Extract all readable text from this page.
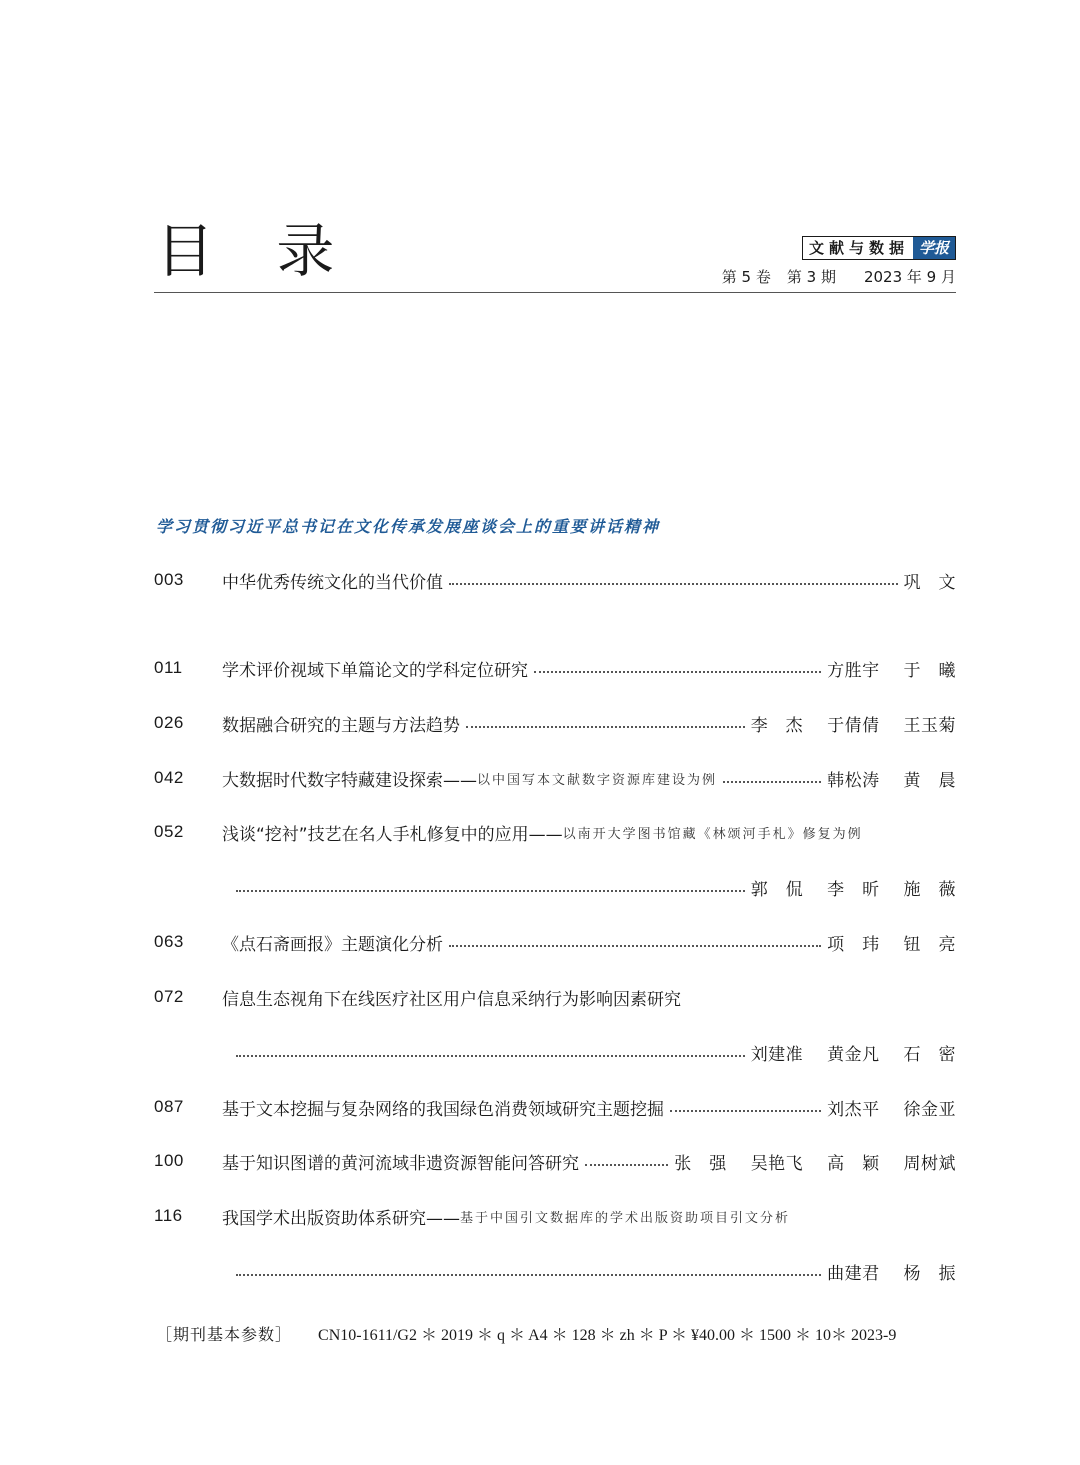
目 录	文献与数据 学报
第 5 卷 第 3 期 2023 年 9 月
学习贯彻习近平总书记在文化传承发展座谈会上的重要讲话精神
003	中华优秀传统文化的当代价值	巩　文
011	学术评价视域下单篇论文的学科定位研究	方胜宇 于　曦
026	数据融合研究的主题与方法趋势	李　杰 于倩倩 王玉菊
042	大数据时代数字特藏建设探索—— 以中国写本文献数字资源库建设为例	韩松涛 黄　晨
052	浅谈“挖衬”技艺在名人手札修复中的应用—— 以南开大学图书馆藏《林颂河手札》修复为例
郭　侃 李　昕 施　薇
063	《点石斋画报》主题演化分析	项　玮 钮　亮
072	信息生态视角下在线医疗社区用户信息采纳行为影响因素研究
刘建准 黄金凡 石　密
087	基于文本挖掘与复杂网络的我国绿色消费领域研究主题挖掘	刘杰平 徐金亚
100	基于知识图谱的黄河流域非遗资源智能问答研究	张　强 吴艳飞 高　颖 周树斌
116	我国学术出版资助体系研究—— 基于中国引文数据库的学术出版资助项目引文分析
曲建君 杨　振
［期刊基本参数］ CN10-1611/G2 ＊ 2019 ＊ q ＊ A4 ＊ 128 ＊ zh ＊ P ＊ ¥40.00 ＊ 1500 ＊ 10＊ 2023-9
